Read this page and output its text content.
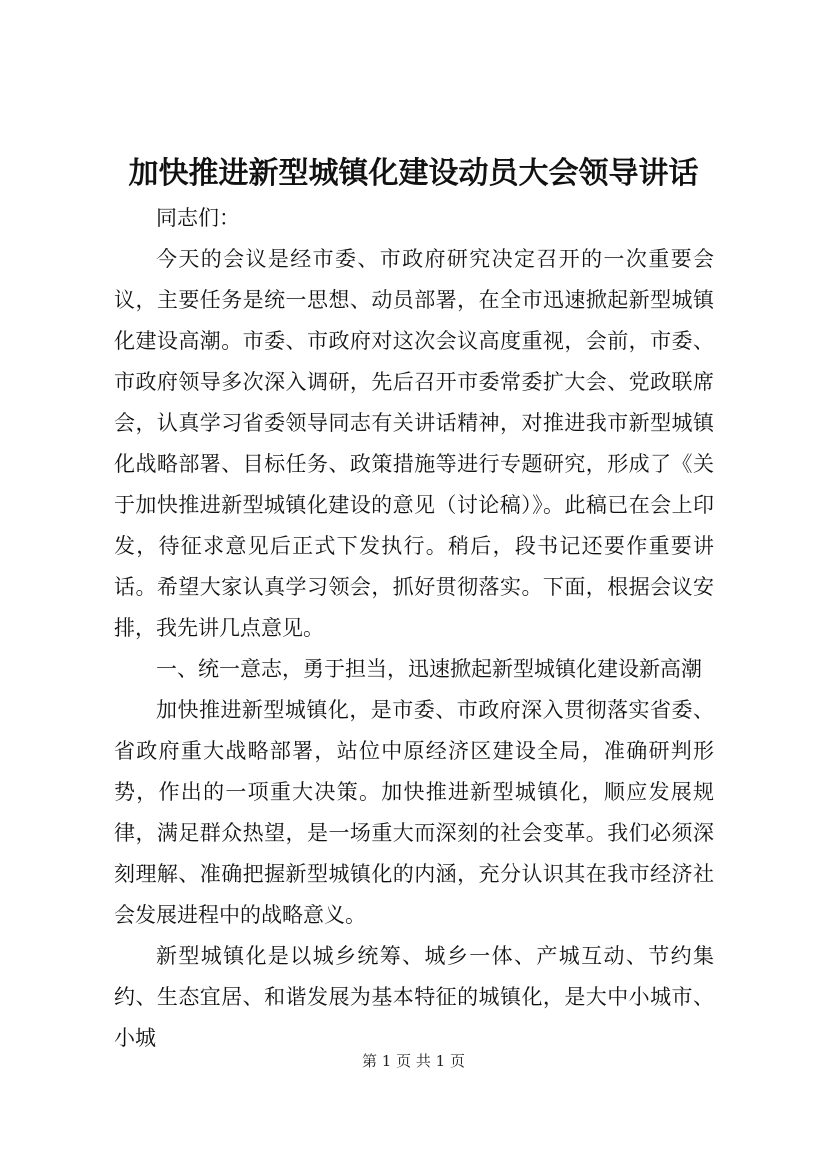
加快推进新型城镇化建设动员大会领导讲话

同志们：

今天的会议是经市委、市政府研究决定召开的一次重要会议，主要任务是统一思想、动员部署，在全市迅速掀起新型城镇化建设高潮。市委、市政府对这次会议高度重视，会前，市委、市政府领导多次深入调研，先后召开市委常委扩大会、党政联席会，认真学习省委领导同志有关讲话精神，对推进我市新型城镇化战略部署、目标任务、政策措施等进行专题研究，形成了《关于加快推进新型城镇化建设的意见（讨论稿）》。此稿已在会上印发，待征求意见后正式下发执行。稍后，段书记还要作重要讲话。希望大家认真学习领会，抓好贯彻落实。下面，根据会议安排，我先讲几点意见。

一、统一意志，勇于担当，迅速掀起新型城镇化建设新高潮

加快推进新型城镇化，是市委、市政府深入贯彻落实省委、省政府重大战略部署，站位中原经济区建设全局，准确研判形势，作出的一项重大决策。加快推进新型城镇化，顺应发展规律，满足群众热望，是一场重大而深刻的社会变革。我们必须深刻理解、准确把握新型城镇化的内涵，充分认识其在我市经济社会发展进程中的战略意义。

新型城镇化是以城乡统筹、城乡一体、产城互动、节约集约、生态宜居、和谐发展为基本特征的城镇化，是大中小城市、小城

第 1 页 共 1 页
